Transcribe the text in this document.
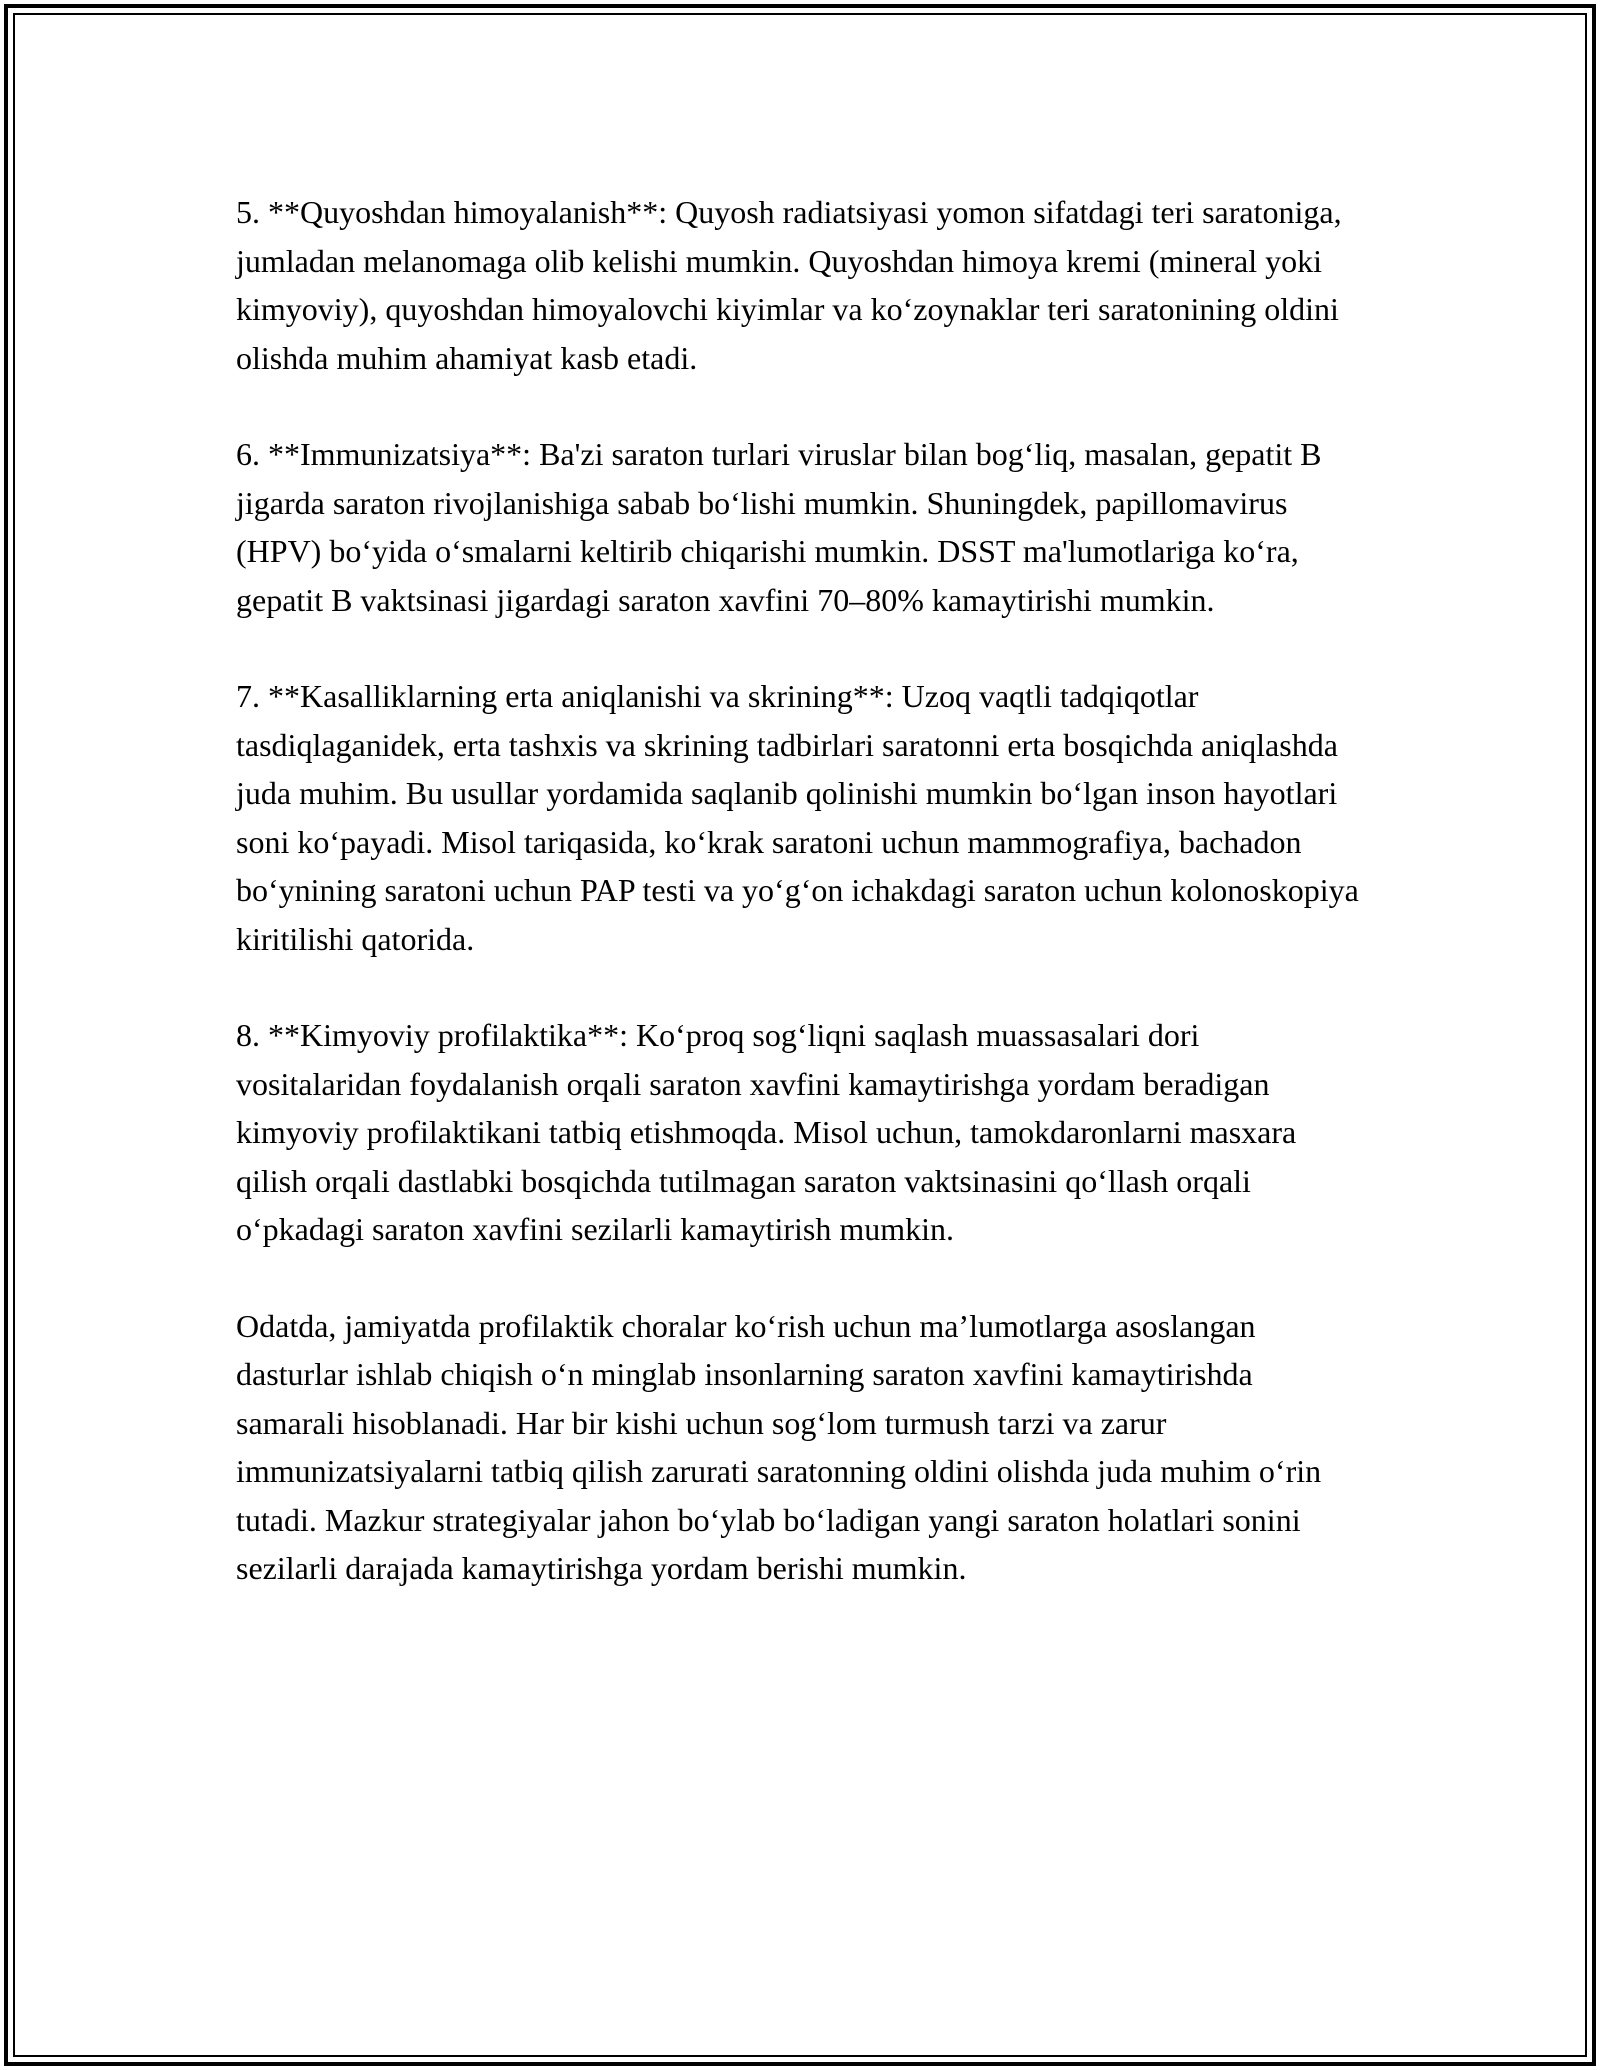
5. **Quyoshdan himoyalanish**: Quyosh radiatsiyasi yomon sifatdagi teri saratoniga, jumladan melanomaga olib kelishi mumkin. Quyoshdan himoya kremi (mineral yoki kimyoviy), quyoshdan himoyalovchi kiyimlar va ko‘zoynaklar teri saratonining oldini olishda muhim ahamiyat kasb etadi.

6. **Immunizatsiya**: Ba'zi saraton turlari viruslar bilan bog‘liq, masalan, gepatit B jigarda saraton rivojlanishiga sabab bo‘lishi mumkin. Shuningdek, papillomavirus (HPV) bo‘yida o‘smalarni keltirib chiqarishi mumkin. DSST ma'lumotlariga ko‘ra, gepatit B vaktsinasi jigardagi saraton xavfini 70–80% kamaytirishi mumkin.

7. **Kasalliklarning erta aniqlanishi va skrining**: Uzoq vaqtli tadqiqotlar tasdiqlaganidek, erta tashxis va skrining tadbirlari saratonni erta bosqichda aniqlashda juda muhim. Bu usullar yordamida saqlanib qolinishi mumkin bo‘lgan inson hayotlari soni ko‘payadi. Misol tariqasida, ko‘krak saratoni uchun mammografiya, bachadon bo‘ynining saratoni uchun PAP testi va yo‘g‘on ichakdagi saraton uchun kolonoskopiya kiritilishi qatorida.

8. **Kimyoviy profilaktika**: Ko‘proq sog‘liqni saqlash muassasalari dori vositalaridan foydalanish orqali saraton xavfini kamaytirishga yordam beradigan kimyoviy profilaktikani tatbiq etishmoqda. Misol uchun, tamokdaronlarni masxara qilish orqali dastlabki bosqichda tutilmagan saraton vaktsinasini qo‘llash orqali o‘pkadagi saraton xavfini sezilarli kamaytirish mumkin.

Odatda, jamiyatda profilaktik choralar ko‘rish uchun ma’lumotlarga asoslangan dasturlar ishlab chiqish o‘n minglab insonlarning saraton xavfini kamaytirishda samarali hisoblanadi. Har bir kishi uchun sog‘lom turmush tarzi va zarur immunizatsiyalarni tatbiq qilish zarurati saratonning oldini olishda juda muhim o‘rin tutadi. Mazkur strategiyalar jahon bo‘ylab bo‘ladigan yangi saraton holatlari sonini sezilarli darajada kamaytirishga yordam berishi mumkin.
